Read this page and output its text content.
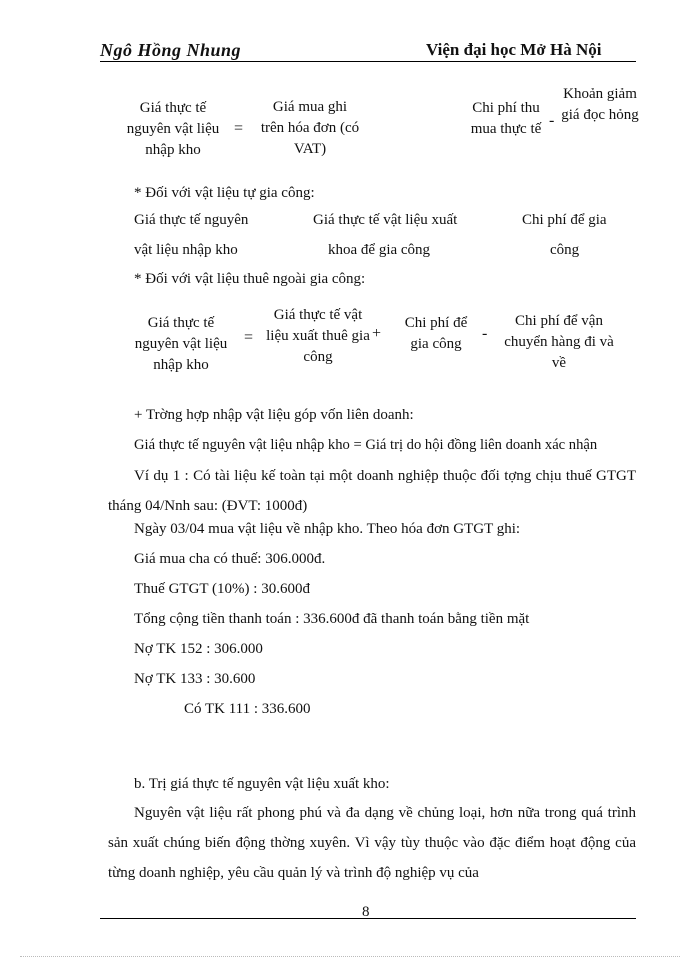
Ngô Hồng Nhung	Viện đại học Mở Hà Nội
Giá thực tế nguyên vật liệu nhập kho
=
Giá mua ghi trên hóa đơn (có VAT)
Chi phí thu mua thực tế -
Khoản giảm giá đọc hỏng
* Đối với vật liệu tự gia công:
Giá thực tế nguyên
vật liệu nhập kho
Giá thực tế vật liệu xuất
khoa để gia công
Chi phí để gia
công
* Đối với vật liệu thuê ngoài gia công:
Giá thực tế nguyên vật liệu nhập kho
=
Giá thực tế vật liệu xuất thuê gia công
+
Chi phí để gia công
-
Chi phí để vận chuyển hàng đi và về
+ Trờng hợp nhập vật liệu góp vốn liên doanh:
Giá thực tế nguyên vật liệu nhập kho = Giá trị do hội đồng liên doanh xác nhận
Ví dụ 1 : Có tài liệu kế toàn tại một doanh nghiệp thuộc đối tợng chịu thuế GTGT tháng 04/Nnh sau: (ĐVT: 1000đ)
Ngày 03/04 mua vật liệu về nhập kho. Theo hóa đơn GTGT ghi:
Giá mua cha có thuế: 306.000đ.
Thuế GTGT (10%) : 30.600đ
Tổng cộng tiền thanh toán : 336.600đ đã thanh toán bằng tiền mặt
Nợ TK 152 : 306.000
Nợ TK 133 : 30.600
Có TK 111 : 336.600
b. Trị giá thực tế nguyên vật liệu xuất kho:
Nguyên vật liệu rất phong phú và đa dạng về chủng loại, hơn nữa trong quá trình sản xuất chúng biến động thờng xuyên. Vì vậy tùy thuộc vào đặc điểm hoạt động của từng doanh nghiệp, yêu cầu quản lý và trình độ nghiệp vụ của
8
